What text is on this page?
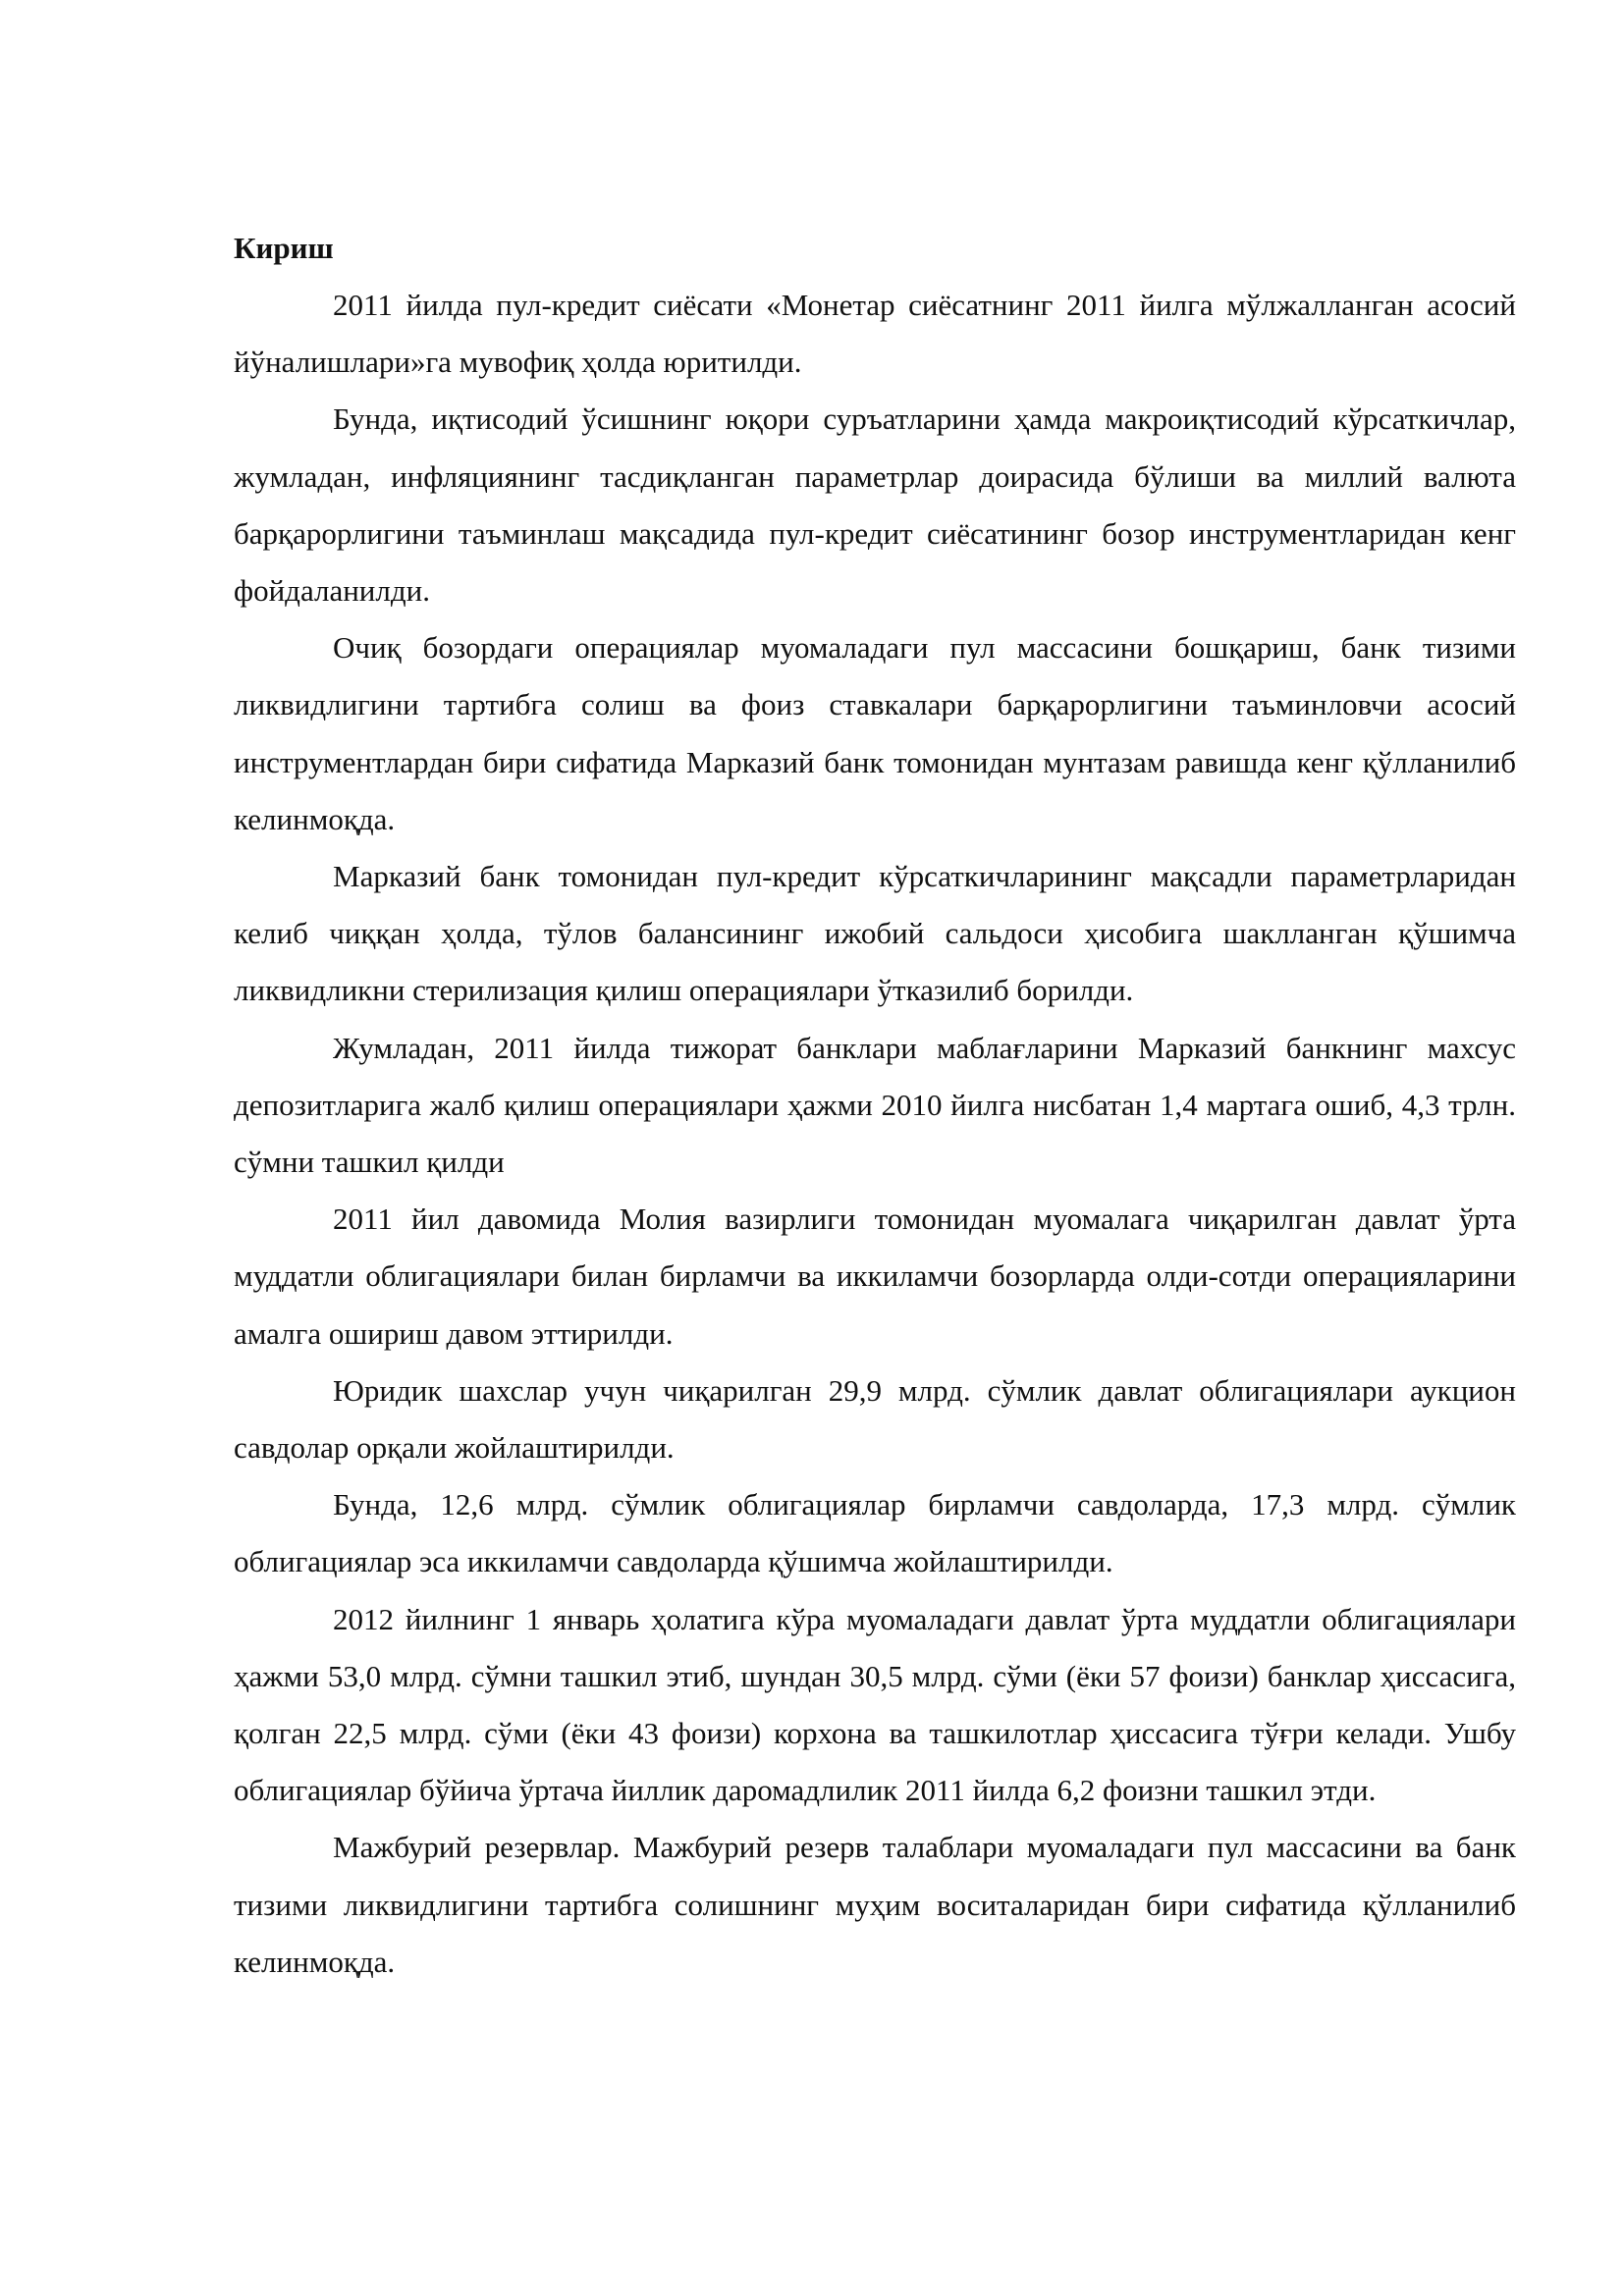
Кириш

2011 йилда пул-кредит сиёсати «Монетар сиёсатнинг 2011 йилга мўлжалланган асосий йўналишлари»га мувофиқ ҳолда юритилди.

Бунда, иқтисодий ўсишнинг юқори суръатларини ҳамда макроиқтисодий кўрсаткичлар, жумладан, инфляциянинг тасдиқланган параметрлар доирасида бўлиши ва миллий валюта барқарорлигини таъминлаш мақсадида пул-кредит сиёсатининг бозор инструментларидан кенг фойдаланилди.

Очиқ бозордаги операциялар муомаладаги пул массасини бошқариш, банк тизими ликвидлигини тартибга солиш ва фоиз ставкалари барқарорлигини таъминловчи асосий инструментлардан бири сифатида Марказий банк томонидан мунтазам равишда кенг қўлланилиб келинмоқда.

Марказий банк томонидан пул-кредит кўрсаткичларининг мақсадли параметрларидан келиб чиққан ҳолда, тўлов балансининг ижобий сальдоси ҳисобига шаклланган қўшимча ликвидликни стерилизация қилиш операциялари ўтказилиб борилди.

Жумладан, 2011 йилда тижорат банклари маблағларини Марказий банкнинг махсус депозитларига жалб қилиш операциялари ҳажми 2010 йилга нисбатан 1,4 мартага ошиб, 4,3 трлн. сўмни ташкил қилди

2011 йил давомида Молия вазирлиги томонидан муомалага чиқарилган давлат ўрта муддатли облигациялари билан бирламчи ва иккиламчи бозорларда олди-сотди операцияларини амалга ошириш давом эттирилди.

Юридик шахслар учун чиқарилган 29,9 млрд. сўмлик давлат облигациялари аукцион савдолар орқали жойлаштирилди.

Бунда, 12,6 млрд. сўмлик облигациялар бирламчи савдоларда, 17,3 млрд. сўмлик облигациялар эса иккиламчи савдоларда қўшимча жойлаштирилди.

2012 йилнинг 1 январь ҳолатига кўра муомаладаги давлат ўрта муддатли облигациялари ҳажми 53,0 млрд. сўмни ташкил этиб, шундан 30,5 млрд. сўми (ёки 57 фоизи) банклар ҳиссасига, қолган 22,5 млрд. сўми (ёки 43 фоизи) корхона ва ташкилотлар ҳиссасига тўғри келади. Ушбу облигациялар бўйича ўртача йиллик даромадлилик 2011 йилда 6,2 фоизни ташкил этди.

Мажбурий резервлар. Мажбурий резерв талаблари муомаладаги пул массасини ва банк тизими ликвидлигини тартибга солишнинг муҳим воситаларидан бири сифатида қўлланилиб келинмоқда.
